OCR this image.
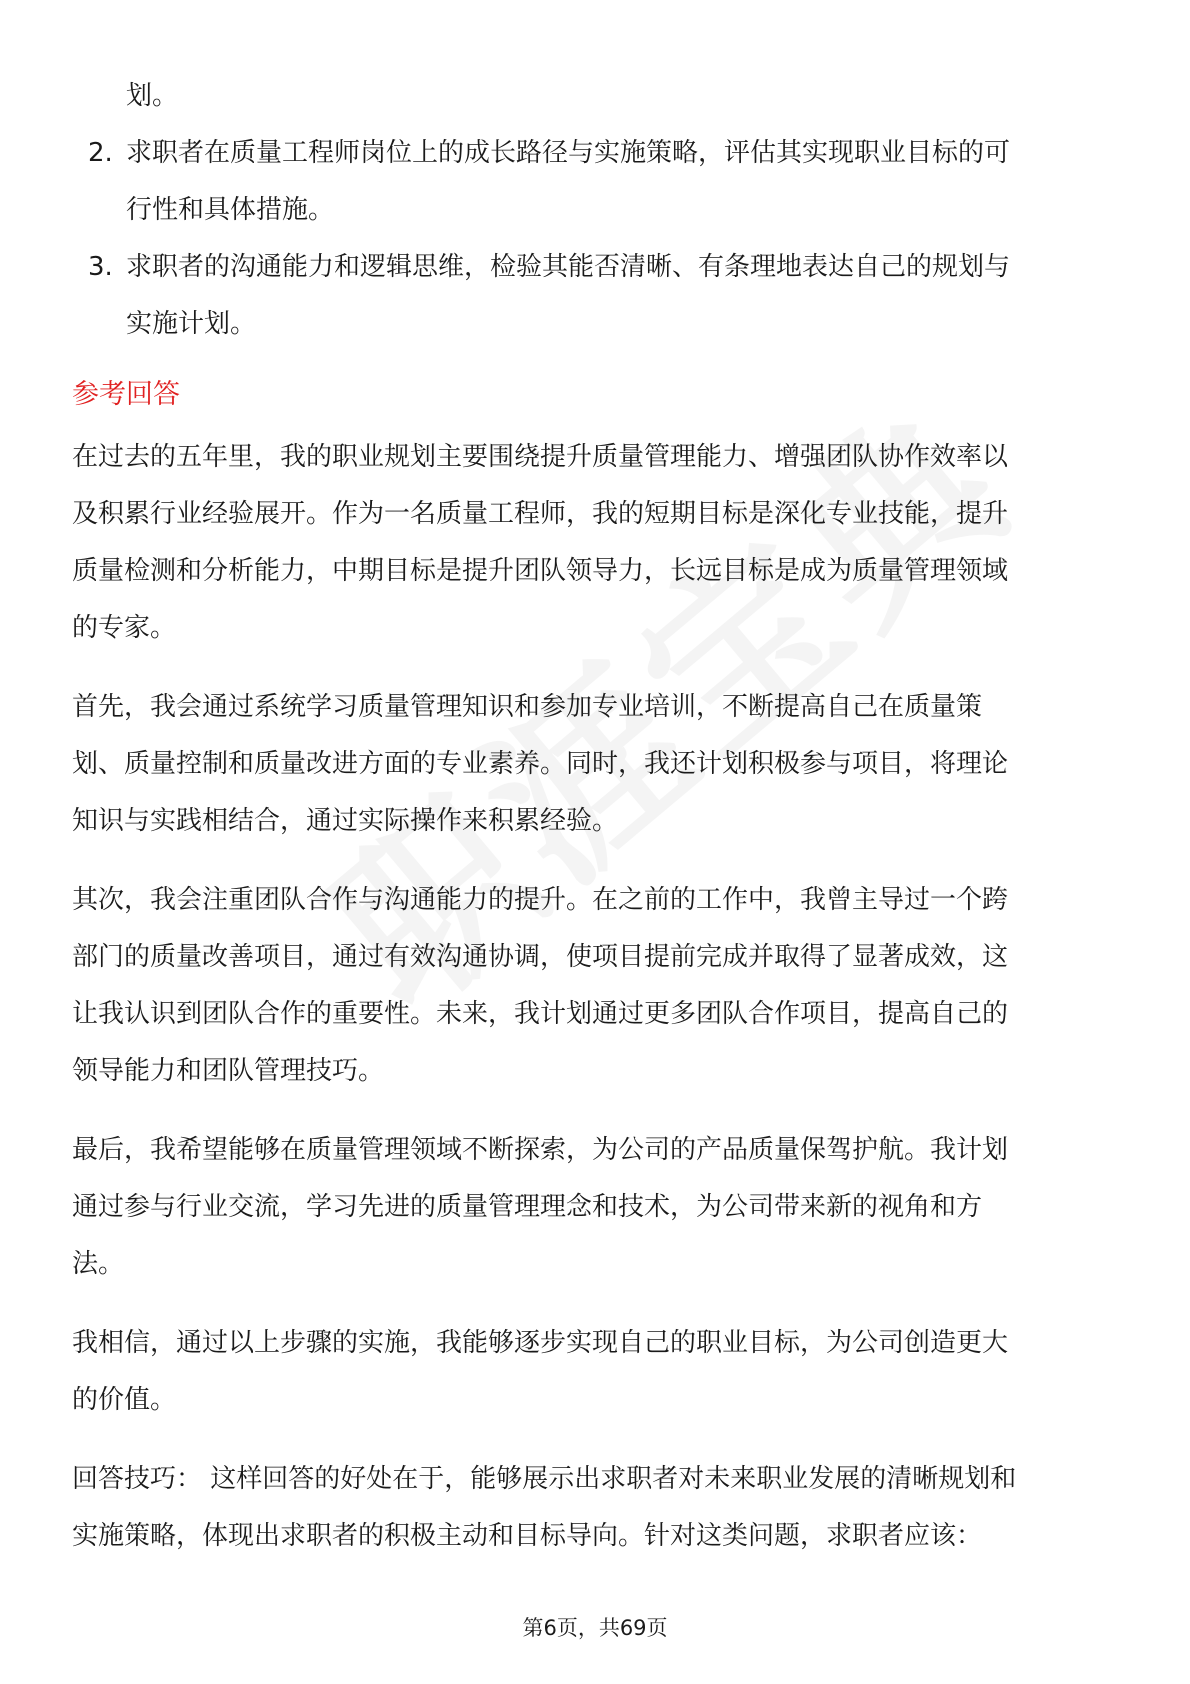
划。
2. 求职者在质量工程师岗位上的成长路径与实施策略，评估其实现职业目标的可
行性和具体措施。
3. 求职者的沟通能力和逻辑思维，检验其能否清晰、有条理地表达自己的规划与
实施计划。
参考回答
在过去的五年里，我的职业规划主要围绕提升质量管理能力、增强团队协作效率以
及积累行业经验展开。作为一名质量工程师，我的短期目标是深化专业技能，提升
质量检测和分析能力，中期目标是提升团队领导力，长远目标是成为质量管理领域
的专家。
首先，我会通过系统学习质量管理知识和参加专业培训，不断提高自己在质量策
划、质量控制和质量改进方面的专业素养。同时，我还计划积极参与项目，将理论
知识与实践相结合，通过实际操作来积累经验。
其次，我会注重团队合作与沟通能力的提升。在之前的工作中，我曾主导过一个跨
部门的质量改善项目，通过有效沟通协调，使项目提前完成并取得了显著成效，这
让我认识到团队合作的重要性。未来，我计划通过更多团队合作项目，提高自己的
领导能力和团队管理技巧。
最后，我希望能够在质量管理领域不断探索，为公司的产品质量保驾护航。我计划
通过参与行业交流，学习先进的质量管理理念和技术，为公司带来新的视角和方
法。
我相信，通过以上步骤的实施，我能够逐步实现自己的职业目标，为公司创造更大
的价值。
回答技巧： 这样回答的好处在于，能够展示出求职者对未来职业发展的清晰规划和
实施策略，体现出求职者的积极主动和目标导向。针对这类问题，求职者应该：
第6页，共69页
